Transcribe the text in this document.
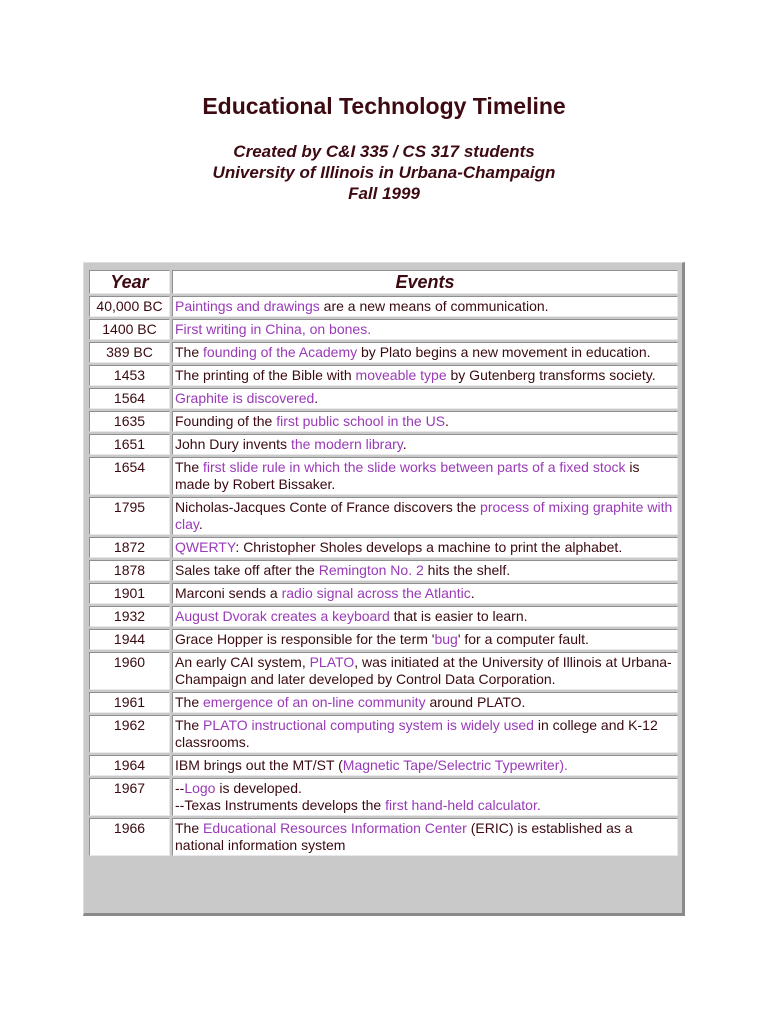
Educational Technology Timeline
Created by C&I 335 / CS 317 students
University of Illinois in Urbana-Champaign
Fall 1999
Year	Events
40,000 BC	Paintings and drawings are a new means of communication.
1400 BC	First writing in China, on bones.
389 BC	The founding of the Academy by Plato begins a new movement in education.
1453	The printing of the Bible with moveable type by Gutenberg transforms society.
1564	Graphite is discovered.
1635	Founding of the first public school in the US.
1651	John Dury invents the modern library.
1654	The first slide rule in which the slide works between parts of a fixed stock is made by Robert Bissaker.
1795	Nicholas-Jacques Conte of France discovers the process of mixing graphite with clay.
1872	QWERTY: Christopher Sholes develops a machine to print the alphabet.
1878	Sales take off after the Remington No. 2 hits the shelf.
1901	Marconi sends a radio signal across the Atlantic.
1932	August Dvorak creates a keyboard that is easier to learn.
1944	Grace Hopper is responsible for the term 'bug' for a computer fault.
1960	An early CAI system, PLATO, was initiated at the University of Illinois at Urbana-Champaign and later developed by Control Data Corporation.
1961	The emergence of an on-line community around PLATO.
1962	The PLATO instructional computing system is widely used in college and K-12 classrooms.
1964	IBM brings out the MT/ST (Magnetic Tape/Selectric Typewriter).
1967	--Logo is developed.
--Texas Instruments develops the first hand-held calculator.
1966	The Educational Resources Information Center (ERIC) is established as a national information system
